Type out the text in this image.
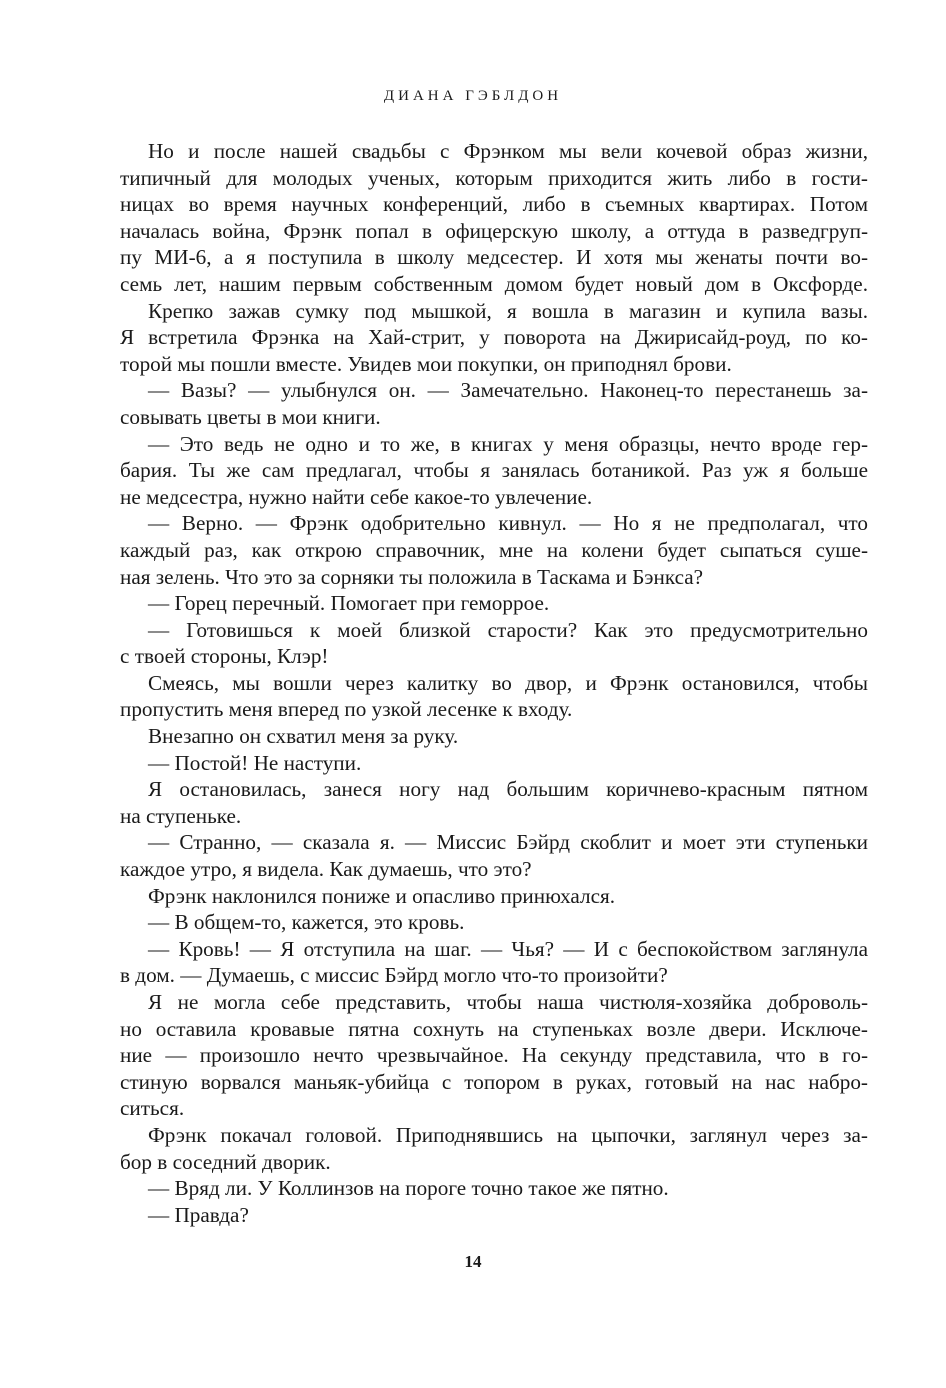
ДИАНА ГЭБЛДОН
Но и после нашей свадьбы с Фрэнком мы вели кочевой образ жизни,
типичный для молодых ученых, которым приходится жить либо в гости-
ницах во время научных конференций, либо в съемных квартирах. Потом
началась война, Фрэнк попал в офицерскую школу, а оттуда в разведгруп-
пу МИ-6, а я поступила в школу медсестер. И хотя мы женаты почти во-
семь лет, нашим первым собственным домом будет новый дом в Оксфорде.
Крепко зажав сумку под мышкой, я вошла в магазин и купила вазы.
Я встретила Фрэнка на Хай-стрит, у поворота на Джирисайд-роуд, по ко-
торой мы пошли вместе. Увидев мои покупки, он приподнял брови.
— Вазы? — улыбнулся он. — Замечательно. Наконец-то перестанешь за-
совывать цветы в мои книги.
— Это ведь не одно и то же, в книгах у меня образцы, нечто вроде гер-
бария. Ты же сам предлагал, чтобы я занялась ботаникой. Раз уж я больше
не медсестра, нужно найти себе какое-то увлечение.
— Верно. — Фрэнк одобрительно кивнул. — Но я не предполагал, что
каждый раз, как открою справочник, мне на колени будет сыпаться суше-
ная зелень. Что это за сорняки ты положила в Таскама и Бэнкса?
— Горец перечный. Помогает при геморрое.
— Готовишься к моей близкой старости? Как это предусмотрительно
с твоей стороны, Клэр!
Смеясь, мы вошли через калитку во двор, и Фрэнк остановился, чтобы
пропустить меня вперед по узкой лесенке к входу.
Внезапно он схватил меня за руку.
— Постой! Не наступи.
Я остановилась, занеся ногу над большим коричнево-красным пятном
на ступеньке.
— Странно, — сказала я. — Миссис Бэйрд скоблит и моет эти ступеньки
каждое утро, я видела. Как думаешь, что это?
Фрэнк наклонился пониже и опасливо принюхался.
— В общем-то, кажется, это кровь.
— Кровь! — Я отступила на шаг. — Чья? — И с беспокойством заглянула
в дом. — Думаешь, с миссис Бэйрд могло что-то произойти?
Я не могла себе представить, чтобы наша чистюля-хозяйка доброволь-
но оставила кровавые пятна сохнуть на ступеньках возле двери. Исключе-
ние — произошло нечто чрезвычайное. На секунду представила, что в го-
стиную ворвался маньяк-убийца с топором в руках, готовый на нас набро-
ситься.
Фрэнк покачал головой. Приподнявшись на цыпочки, заглянул через за-
бор в соседний дворик.
— Вряд ли. У Коллинзов на пороге точно такое же пятно.
— Правда?
14
